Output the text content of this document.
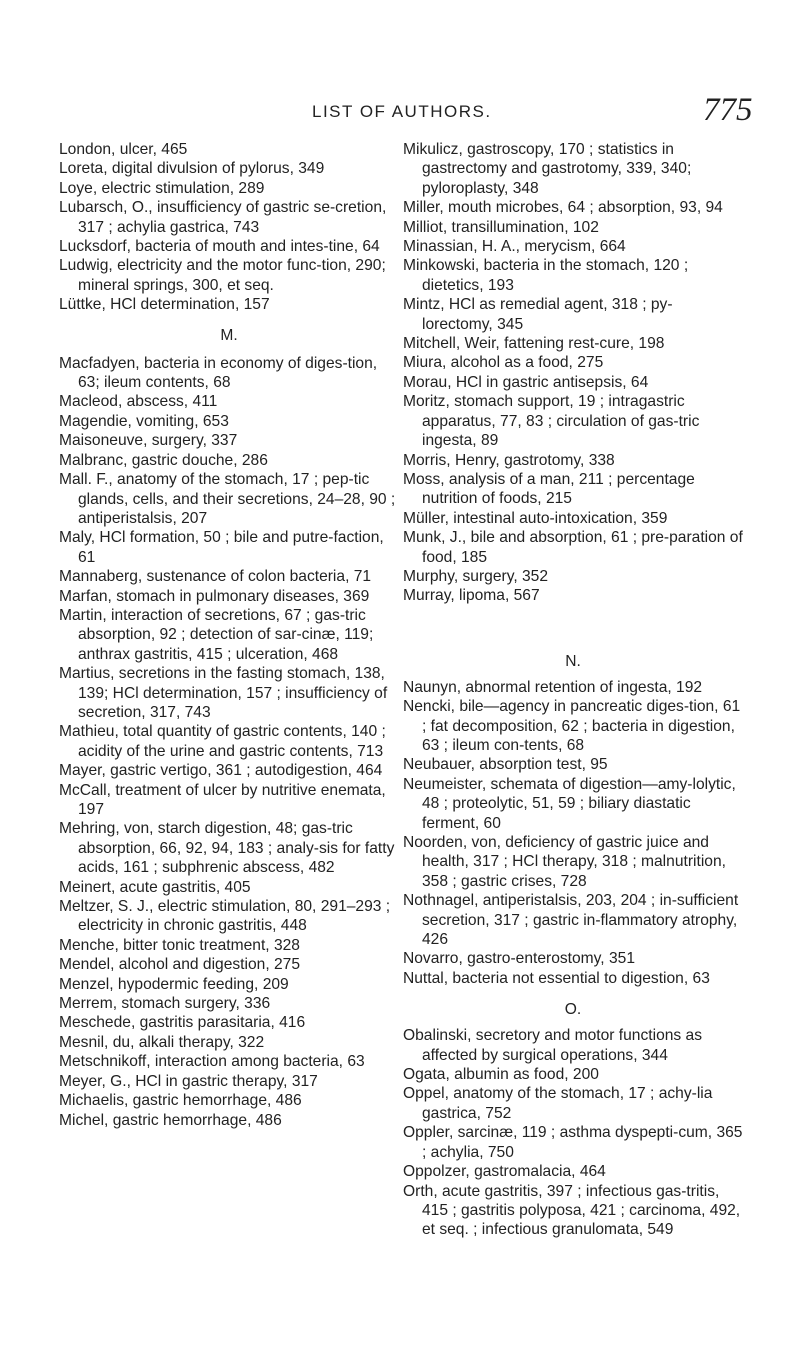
LIST OF AUTHORS.	775
London, ulcer, 465
Loreta, digital divulsion of pylorus, 349
Loye, electric stimulation, 289
Lubarsch, O., insufficiency of gastric se-cretion, 317 ; achylia gastrica, 743
Lucksdorf, bacteria of mouth and intes-tine, 64
Ludwig, electricity and the motor func-tion, 290; mineral springs, 300, et seq.
Lüttke, HCl determination, 157
M.
Macfadyen, bacteria in economy of diges-tion, 63; ileum contents, 68
Macleod, abscess, 411
Magendie, vomiting, 653
Maisoneuve, surgery, 337
Malbranc, gastric douche, 286
Mall. F., anatomy of the stomach, 17 ; pep-tic glands, cells, and their secretions, 24–28, 90 ; antiperistalsis, 207
Maly, HCl formation, 50 ; bile and putre-faction, 61
Mannaberg, sustenance of colon bacteria, 71
Marfan, stomach in pulmonary diseases, 369
Martin, interaction of secretions, 67 ; gas-tric absorption, 92 ; detection of sar-cinæ, 119; anthrax gastritis, 415 ; ulceration, 468
Martius, secretions in the fasting stomach, 138, 139; HCl determination, 157 ; insufficiency of secretion, 317, 743
Mathieu, total quantity of gastric contents, 140 ; acidity of the urine and gastric contents, 713
Mayer, gastric vertigo, 361 ; autodigestion, 464
McCall, treatment of ulcer by nutritive enemata, 197
Mehring, von, starch digestion, 48; gas-tric absorption, 66, 92, 94, 183 ; analy-sis for fatty acids, 161 ; subphrenic abscess, 482
Meinert, acute gastritis, 405
Meltzer, S. J., electric stimulation, 80, 291–293 ; electricity in chronic gastritis, 448
Menche, bitter tonic treatment, 328
Mendel, alcohol and digestion, 275
Menzel, hypodermic feeding, 209
Merrem, stomach surgery, 336
Meschede, gastritis parasitaria, 416
Mesnil, du, alkali therapy, 322
Metschnikoff, interaction among bacteria, 63
Meyer, G., HCl in gastric therapy, 317
Michaelis, gastric hemorrhage, 486
Michel, gastric hemorrhage, 486
Mikulicz, gastroscopy, 170 ; statistics in gastrectomy and gastrotomy, 339, 340; pyloroplasty, 348
Miller, mouth microbes, 64 ; absorption, 93, 94
Milliot, transillumination, 102
Minassian, H. A., merycism, 664
Minkowski, bacteria in the stomach, 120 ; dietetics, 193
Mintz, HCl as remedial agent, 318 ; py-lorectomy, 345
Mitchell, Weir, fattening rest-cure, 198
Miura, alcohol as a food, 275
Morau, HCl in gastric antisepsis, 64
Moritz, stomach support, 19 ; intragastric apparatus, 77, 83 ; circulation of gas-tric ingesta, 89
Morris, Henry, gastrotomy, 338
Moss, analysis of a man, 211 ; percentage nutrition of foods, 215
Müller, intestinal auto-intoxication, 359
Munk, J., bile and absorption, 61 ; pre-paration of food, 185
Murphy, surgery, 352
Murray, lipoma, 567
N.
Naunyn, abnormal retention of ingesta, 192
Nencki, bile—agency in pancreatic diges-tion, 61 ; fat decomposition, 62 ; bacteria in digestion, 63 ; ileum con-tents, 68
Neubauer, absorption test, 95
Neumeister, schemata of digestion—amy-lolytic, 48 ; proteolytic, 51, 59 ; biliary diastatic ferment, 60
Noorden, von, deficiency of gastric juice and health, 317 ; HCl therapy, 318 ; malnutrition, 358 ; gastric crises, 728
Nothnagel, antiperistalsis, 203, 204 ; in-sufficient secretion, 317 ; gastric in-flammatory atrophy, 426
Novarro, gastro-enterostomy, 351
Nuttal, bacteria not essential to digestion, 63
O.
Obalinski, secretory and motor functions as affected by surgical operations, 344
Ogata, albumin as food, 200
Oppel, anatomy of the stomach, 17 ; achy-lia gastrica, 752
Oppler, sarcinæ, 119 ; asthma dyspepti-cum, 365 ; achylia, 750
Oppolzer, gastromalacia, 464
Orth, acute gastritis, 397 ; infectious gas-tritis, 415 ; gastritis polyposa, 421 ; carcinoma, 492, et seq. ; infectious granulomata, 549
